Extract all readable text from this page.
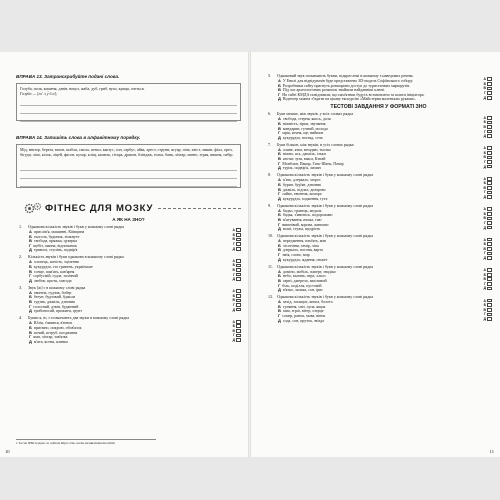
ВПРАВА 13. Затранскрибуйте подані слова.
Голуба, поля, кишеня, дзвін, вокул, жаба, дуб, гриб, вухо, криця, снється.
Голуба — [гоʹ л у́ б а];
ВПРАВА 14. Запишіть слова в алфавітному порядку.
Мід, вектор, береза, вазон, шабля, смола, пенал, кактус, сон, сарбус, айва, хрест, струни, ягуар, ліна, хвіст, лиман, фіал, орел, бігуди, ліпа, кілок, ліцей, фасон, кухар, кліщ, кашель, гітара, дракон, бліндаж, голка, баня, ліхтар, манто, зграя, вишня, сибір.
ФІТНЕС ДЛЯ МОЗКУ
А ЯК НА ЗНО?
1. Однакова кількість звуків і букв у кожному слові рядка
А прислів'я, машинні, Кіївщина
Б гьоголь, будинок, зімкнуте
В свобода, пряжка, цукерка
Г щебіт, ожина, відпочинок
Д тривога, ступінь, подвір'я
А
Б
В
Г
Д
2. Кількість звуків і букв однакова в кожному слові рядка
А хлопець, ясність, зцілення
Б кукурудза, сто гривень, українське
В сонце, пам'ять, кав'ярня
Г сорбусмій, гудза, залізний
Д любов, щастя, злагода
А
Б
В
Г
Д
3. Звук [ж] є в кожному слові рядка
А гвинтік, гудзик, бобер
Б бегун, будзовий, бджола
В гудзик, джміль, дзвоник
Г голосний, дзвін, буджений
Д грибоносий, прожити, ґрунт
А
Б
В
Г
Д
4. Букви я, ю, є позначають два звуки в кожному слові рядка
А Юлія, з'явився, в'юнок
Б приємно, покрою, обов'язок
В ясний, яструб, поєднання
Г ями, ліхтар, зав'язка
Д м'ята, ясеня, ялинка
А
Б
В
Г
Д
1 Тести ЗНО подано за сайтом https://zno.osvita.ua/ukrainian/zno.html
10
5. Однаковий звук позначають букви, підкреслені в кожному з наведених речень
А У Енклі для відвідувачів буде представлено 3D-модель Софіївського собору.
Б Розробники сайту прагнуть розширити доступ до туристичних маршрутів.
В Під час археологічних розкопок знайшли найдавніші ключі.
Г На сайті КМДА повідомили, що пам'ятник будуть встановлено за кошти ініціатора.
Д Відтепер можна з'їздити на цікаву екскурсію «Майстерня маленьких руками».
А
Б
В
Г
Д
ТЕСТОВІ ЗАВДАННЯ У ФОРМАТІ ЗНО
6. Букв менше, ніж звуків, у всіх словах рядка
А свобода, стерня, якось, доля
Б ніжність, зірки, звучання
В мандарин, гучний, молода
Г мрія, яєчня, ще, вийшов
Д кукурудза, погляд, сеча
А
Б
В
Г
Д
7. Букв більше, ніж звуків, в усіх словах рядка
А лляне, ятка, мемдаю, тьолко
Б ніжно, ясь, джміль, ільки
В яготяг, зузя, вакса, Китай
Г Монблан, Пакир, Гизь-Шань, Памір
Д турок, подвір'я, лиман
А
Б
В
Г
Д
8. Однакова кількість звуків і букв у кожному слові рядка
А п'ять, дзеркало, мороз
Б бурян, бур'ян, дзвоник
В джміль, підпал, дніпрово
Г сяйво, гвинтик, комора
Д кукурудза, ходження, гута
А
Б
В
Г
Д
9. Однакова кількість звуків і букв у кожному слові рядка
А бадьо, гравець, медаль
Б бадья, з'явитись, подорожжю
В м'ятування, юшка, гаю
Г вишнівий, корова, живопис
Д воші, стужа, щедрість
А
Б
В
Г
Д
10. Однакова кількість звуків і букв у кожному слові рядка
А передження, пам'ять, мав
Б лісотіння, гамір, ліпа
В дзеркало, погоня, варта
Г змія, слово, мир
Д кукурудза, ждання, сюжет
А
Б
В
Г
Д
11. Однакова кількість звуків і букв у кожному слові рядка
А доміно, мобіль, паперт, знадіко
Б небо, калина, перл, хльос
В гарні, джерело, мисливий
Г біль, поділля, пустомій
Д в'ятко, лялька, сон, ірис
А
Б
В
Г
Д
12. Однакова кількість звуків і букв у кожному слові рядка
А захід, захищає, книга, болото
Б гуляння, світ, лупа, ящик
В ґава, зграї, вітер, озерце
Г сомер, ранок, мова, вінок
Д сода, сон, пруток, звізда
А
Б
В
Г
Д
11
